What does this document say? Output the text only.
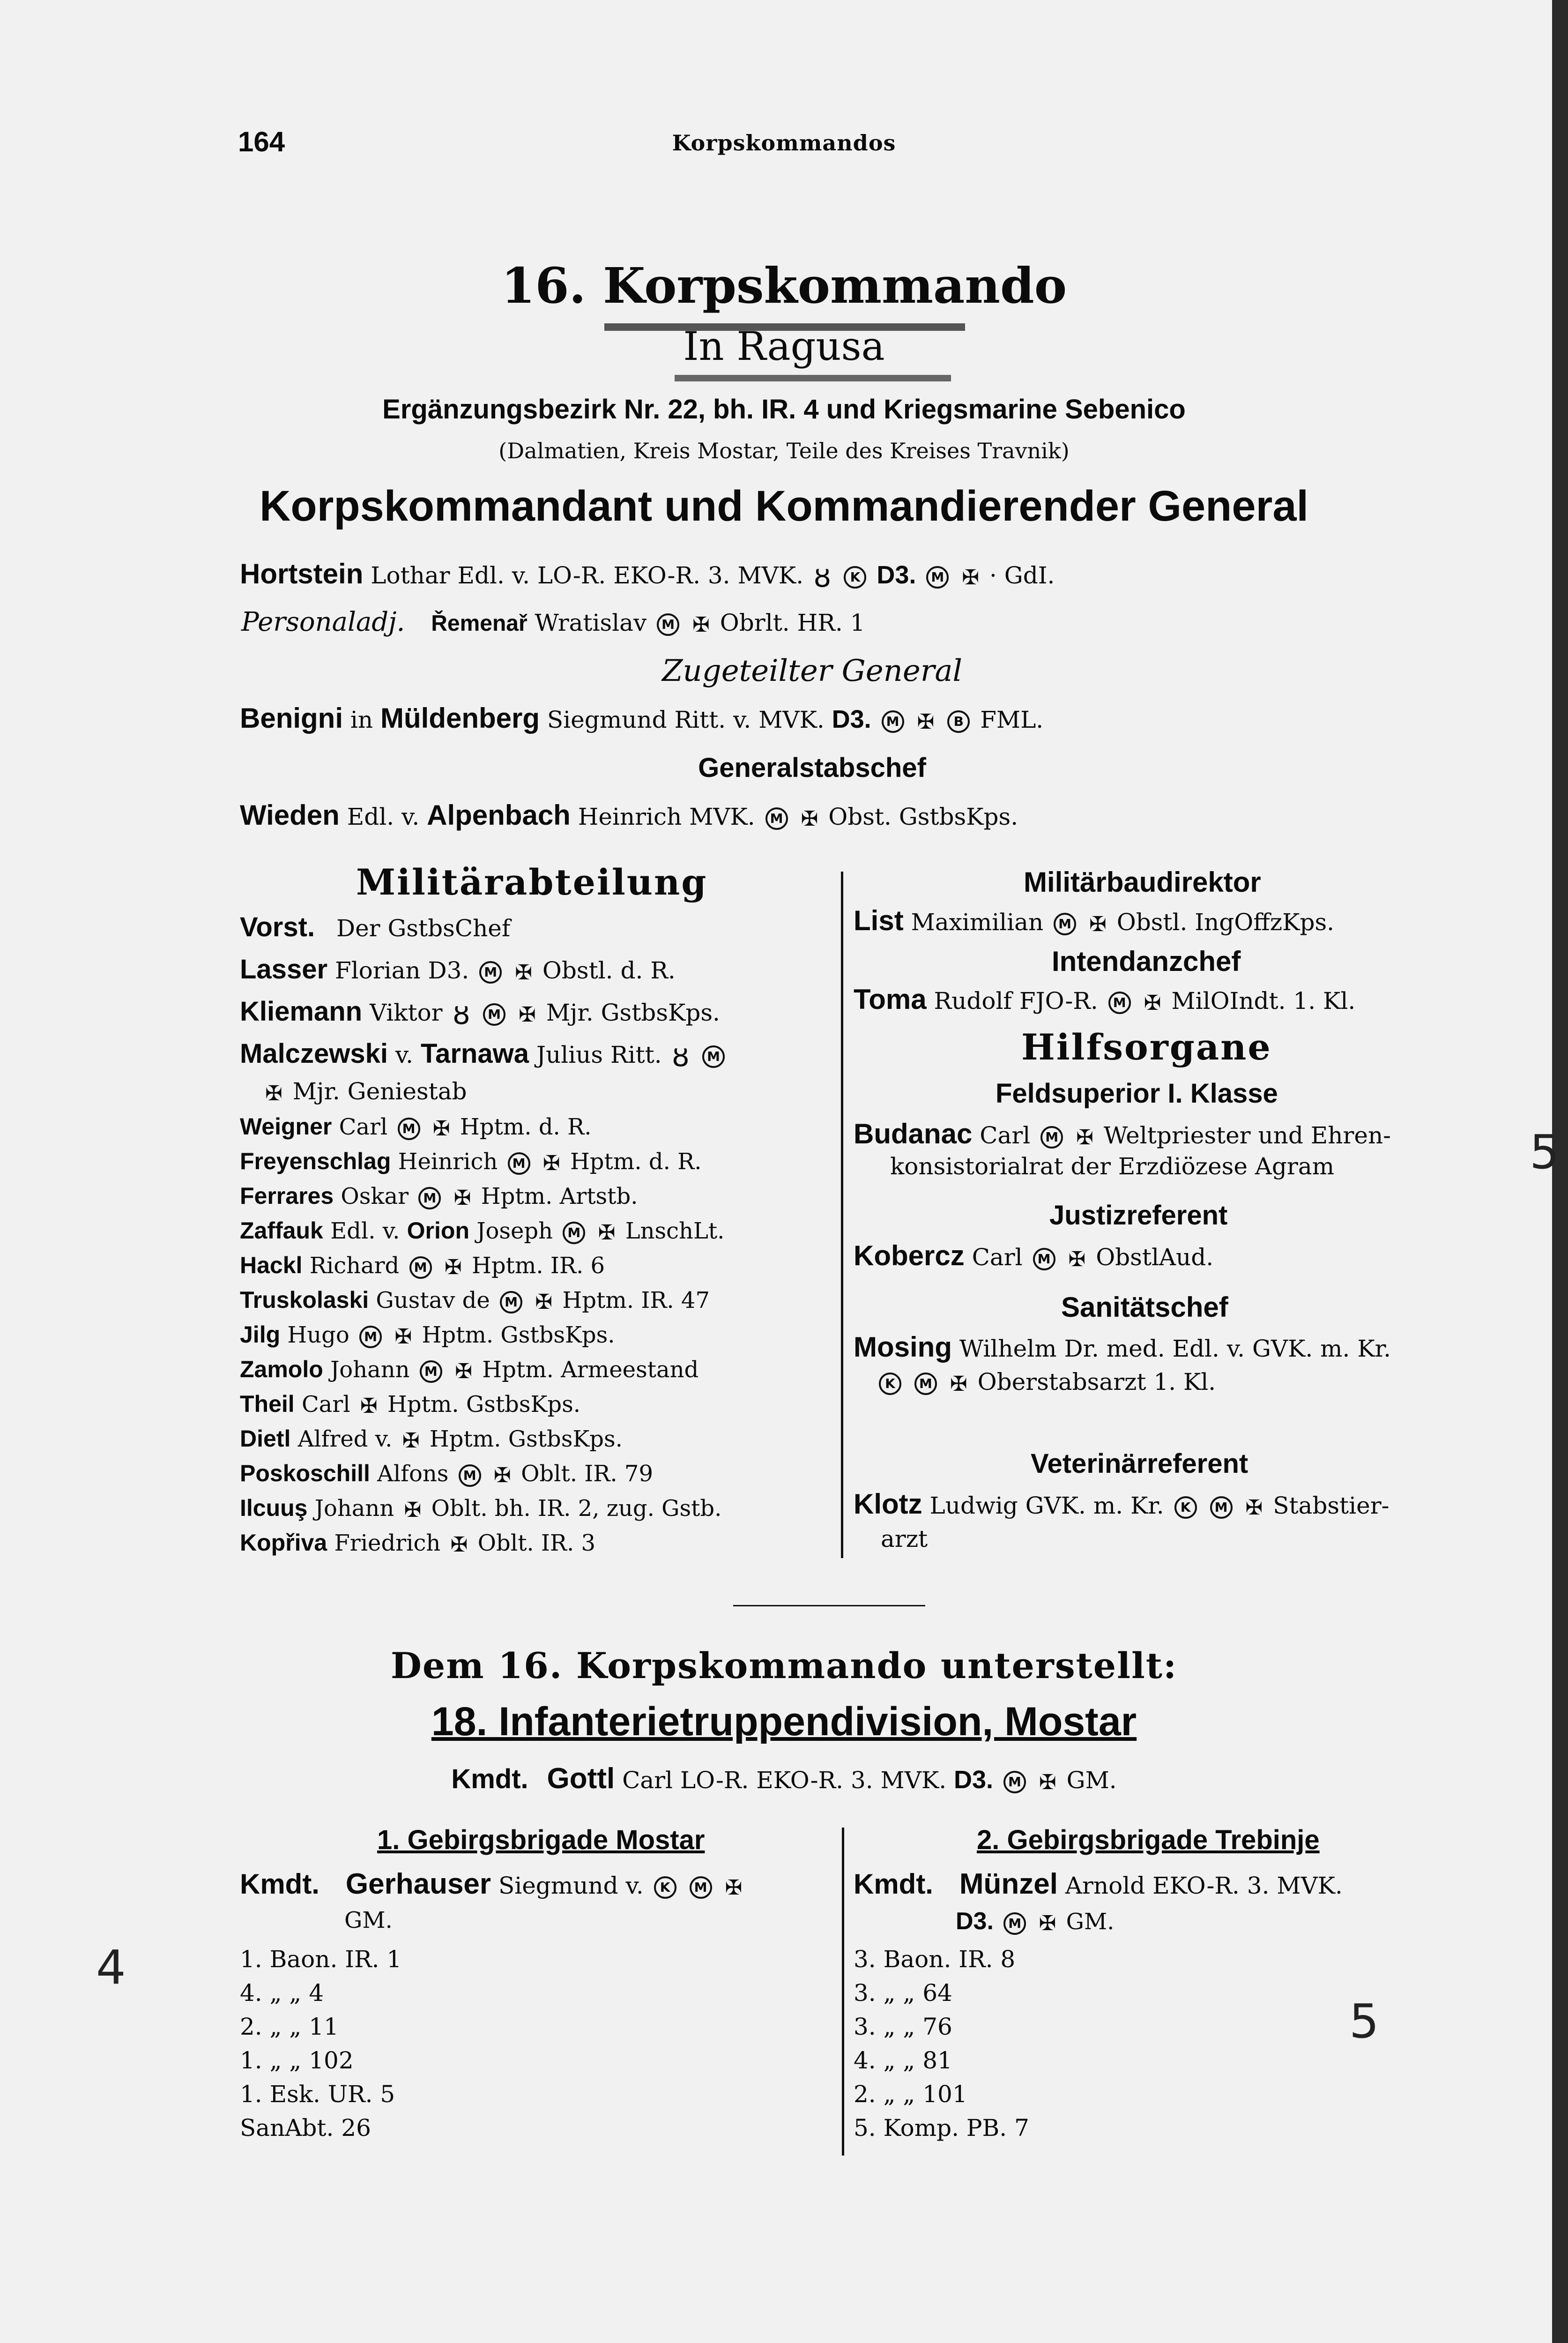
164	Korpskommandos
16. Korpskommando
In Ragusa
Ergänzungsbezirk Nr. 22, bh. IR. 4 und Kriegsmarine Sebenico
(Dalmatien, Kreis Mostar, Teile des Kreises Travnik)
Korpskommandant und Kommandierender General
Hortstein Lothar Edl. v. LO-R. EKO-R. 3. MVK. ȣ K D3. M ✠ · GdI.
Personaladj. Řemenař Wratislav M ✠ Obrlt. HR. 1
Zugeteilter General
Benigni in Müldenberg Siegmund Ritt. v. MVK. D3. M ✠ B FML.
Generalstabschef
Wieden Edl. v. Alpenbach Heinrich MVK. M ✠ Obst. GstbsKps.
Militärabteilung
Vorst. Der GstbsChef
Lasser Florian D3. M ✠ Obstl. d. R.
Kliemann Viktor ȣ M ✠ Mjr. GstbsKps.
Malczewski v. Tarnawa Julius Ritt. ȣ M
✠ Mjr. Geniestab
Weigner Carl M ✠ Hptm. d. R.
Freyenschlag Heinrich M ✠ Hptm. d. R.
Ferrares Oskar M ✠ Hptm. Artstb.
Zaffauk Edl. v. Orion Joseph M ✠ LnschLt.
Hackl Richard M ✠ Hptm. IR. 6
Truskolaski Gustav de M ✠ Hptm. IR. 47
Jilg Hugo M ✠ Hptm. GstbsKps.
Zamolo Johann M ✠ Hptm. Armeestand
Theil Carl ✠ Hptm. GstbsKps.
Dietl Alfred v. ✠ Hptm. GstbsKps.
Poskoschill Alfons M ✠ Oblt. IR. 79
Ilcuuş Johann ✠ Oblt. bh. IR. 2, zug. Gstb.
Kopřiva Friedrich ✠ Oblt. IR. 3
Militärbaudirektor
List Maximilian M ✠ Obstl. IngOffzKps.
Intendanzchef
Toma Rudolf FJO-R. M ✠ MilOIndt. 1. Kl.
Hilfsorgane
Feldsuperior I. Klasse
Budanac Carl M ✠ Weltpriester und Ehren-
konsistorialrat der Erzdiözese Agram
Justizreferent
Kobercz Carl M ✠ ObstlAud.
Sanitätschef
Mosing Wilhelm Dr. med. Edl. v. GVK. m. Kr.
K M ✠ Oberstabsarzt 1. Kl.
Veterinärreferent
Klotz Ludwig GVK. m. Kr. K M ✠ Stabstier-
arzt
Dem 16. Korpskommando unterstellt:
18. Infanterietruppendivision, Mostar
Kmdt. Gottl Carl LO-R. EKO-R. 3. MVK. D3. M ✠ GM.
1. Gebirgsbrigade Mostar
Kmdt. Gerhauser Siegmund v. K M ✠
GM.
1. Baon. IR. 1
4. „ „ 4
2. „ „ 11
1. „ „ 102
1. Esk. UR. 5
SanAbt. 26
2. Gebirgsbrigade Trebinje
Kmdt. Münzel Arnold EKO-R. 3. MVK.
D3. M ✠ GM.
3. Baon. IR. 8
3. „ „ 64
3. „ „ 76
4. „ „ 81
2. „ „ 101
5. Komp. PB. 7
4
5
5
